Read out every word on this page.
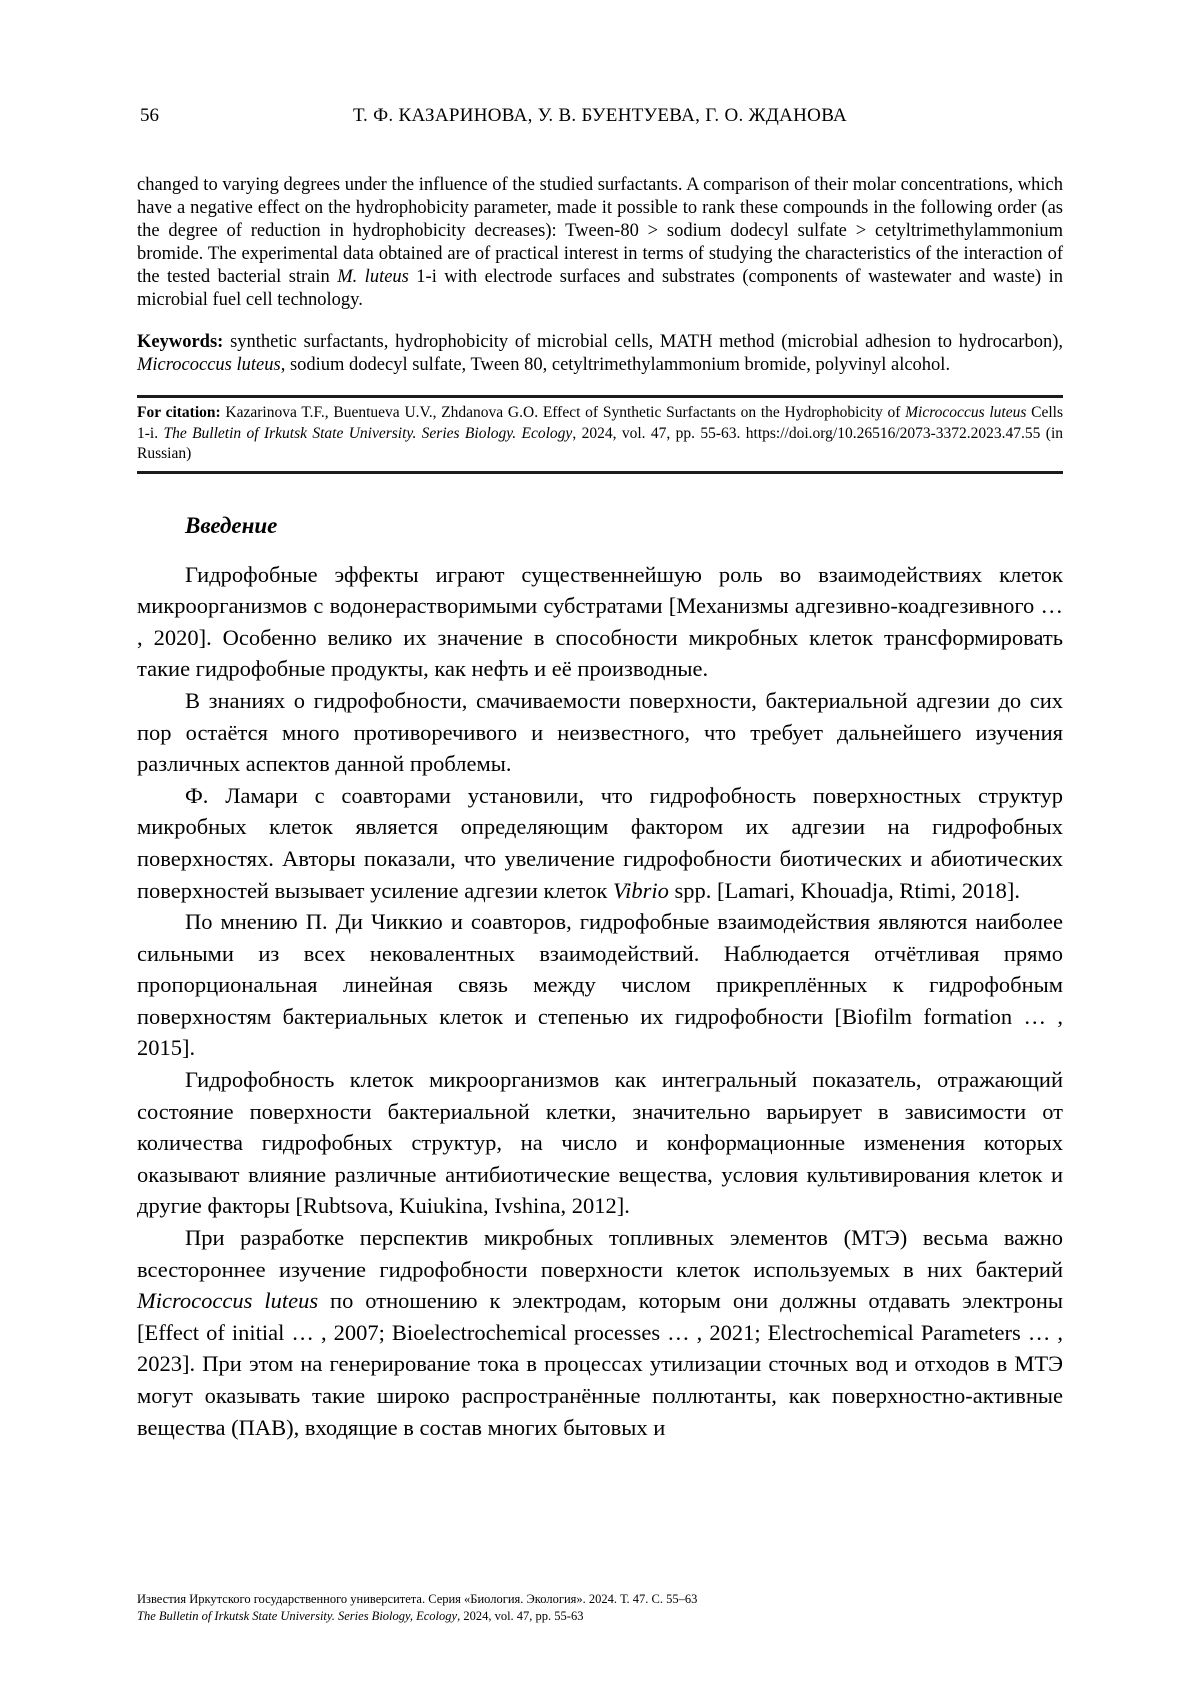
56	Т. Ф. КАЗАРИНОВА, У. В. БУЕНТУЕВА, Г. О. ЖДАНОВА

changed to varying degrees under the influence of the studied surfactants. A comparison of their molar concentrations, which have a negative effect on the hydrophobicity parameter, made it possible to rank these compounds in the following order (as the degree of reduction in hydrophobicity decreases): Tween-80 > sodium dodecyl sulfate > cetyltrimethylammonium bromide. The experimental data obtained are of practical interest in terms of studying the characteristics of the interaction of the tested bacterial strain M. luteus 1-i with electrode surfaces and substrates (components of wastewater and waste) in microbial fuel cell technology.

Keywords: synthetic surfactants, hydrophobicity of microbial cells, MATH method (microbial adhesion to hydrocarbon), Micrococcus luteus, sodium dodecyl sulfate, Tween 80, cetyltrimethylammonium bromide, polyvinyl alcohol.

For citation: Kazarinova T.F., Buentueva U.V., Zhdanova G.O. Effect of Synthetic Surfactants on the Hydrophobicity of Micrococcus luteus Cells 1-i. The Bulletin of Irkutsk State University. Series Biology. Ecology, 2024, vol. 47, pp. 55-63. https://doi.org/10.26516/2073-3372.2023.47.55 (in Russian)
Введение

Гидрофобные эффекты играют существеннейшую роль во взаимодействиях клеток микроорганизмов с водонерастворимыми субстратами [Механизмы адгезивно-коадгезивного … , 2020]. Особенно велико их значение в способности микробных клеток трансформировать такие гидрофобные продукты, как нефть и её производные.

В знаниях о гидрофобности, смачиваемости поверхности, бактериальной адгезии до сих пор остаётся много противоречивого и неизвестного, что требует дальнейшего изучения различных аспектов данной проблемы.

Ф. Ламари с соавторами установили, что гидрофобность поверхностных структур микробных клеток является определяющим фактором их адгезии на гидрофобных поверхностях. Авторы показали, что увеличение гидрофобности биотических и абиотических поверхностей вызывает усиление адгезии клеток Vibrio spp. [Lamari, Khouadja, Rtimi, 2018].

По мнению П. Ди Чиккио и соавторов, гидрофобные взаимодействия являются наиболее сильными из всех нековалентных взаимодействий. Наблюдается отчётливая прямо пропорциональная линейная связь между числом прикреплённых к гидрофобным поверхностям бактериальных клеток и степенью их гидрофобности [Biofilm formation … , 2015].

Гидрофобность клеток микроорганизмов как интегральный показатель, отражающий состояние поверхности бактериальной клетки, значительно варьирует в зависимости от количества гидрофобных структур, на число и конформационные изменения которых оказывают влияние различные антибиотические вещества, условия культивирования клеток и другие факторы [Rubtsova, Kuiukina, Ivshina, 2012].

При разработке перспектив микробных топливных элементов (МТЭ) весьма важно всестороннее изучение гидрофобности поверхности клеток используемых в них бактерий Micrococcus luteus по отношению к электродам, которым они должны отдавать электроны [Effect of initial … , 2007; Bioelectrochemical processes … , 2021; Electrochemical Parameters … , 2023]. При этом на генерирование тока в процессах утилизации сточных вод и отходов в МТЭ могут оказывать такие широко распространённые поллютанты, как поверхностно-активные вещества (ПАВ), входящие в состав многих бытовых и

Известия Иркутского государственного университета. Серия «Биология. Экология». 2024. Т. 47. С. 55–63
The Bulletin of Irkutsk State University. Series Biology, Ecology, 2024, vol. 47, pp. 55-63
